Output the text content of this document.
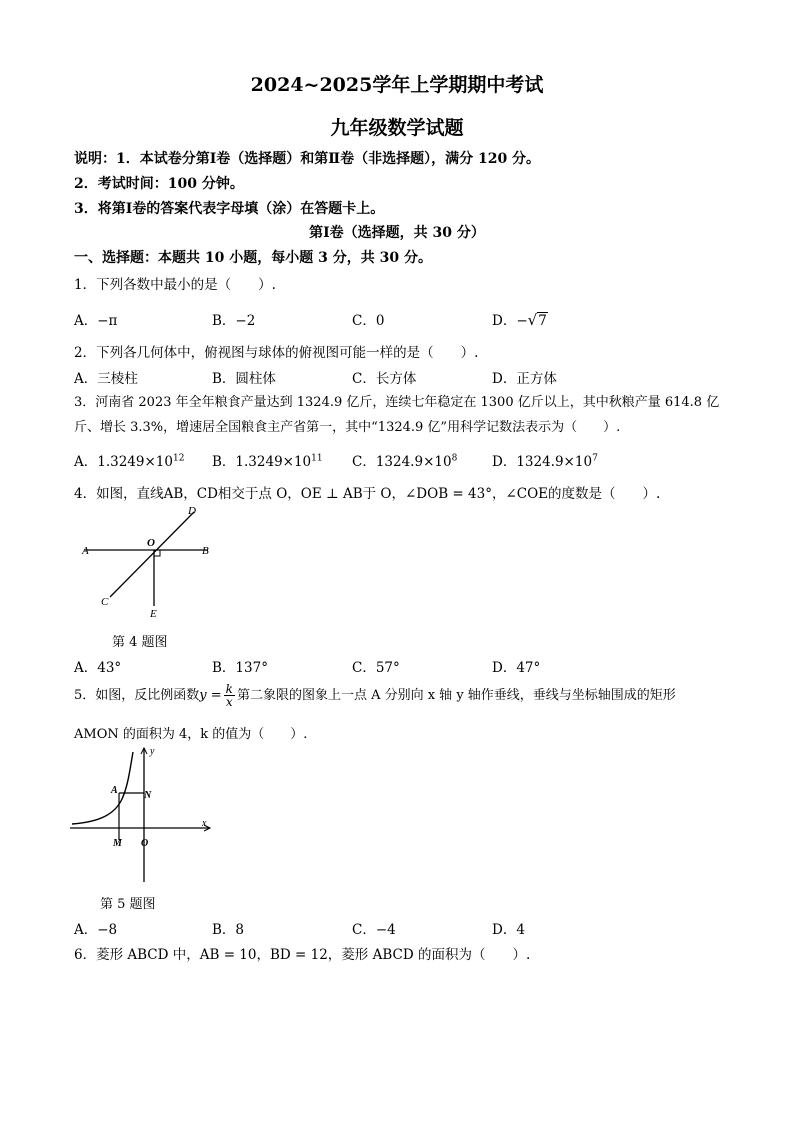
2024~2025学年上学期期中考试
九年级数学试题
说明：1．本试卷分第Ⅰ卷（选择题）和第Ⅱ卷（非选择题），满分 120 分。
2．考试时间：100 分钟。
3．将第Ⅰ卷的答案代表字母填（涂）在答题卡上。
第Ⅰ卷（选择题，共 30 分）
一、选择题：本题共 10 小题，每小题 3 分，共 30 分。
1．下列各数中最小的是（　　）.
A．−π	B．−2	C．0	D．−√7
2．下列各几何体中，俯视图与球体的俯视图可能一样的是（　　）.
A．三棱柱	B．圆柱体	C．长方体	D．正方体
3．河南省 2023 年全年粮食产量达到 1324.9 亿斤，连续七年稳定在 1300 亿斤以上，其中秋粮产量 614.8 亿
斤、增长 3.3%，增速居全国粮食主产省第一，其中“1324.9 亿”用科学记数法表示为（　　）.
A．$1.3249\times 10^{12}$ B．$1.3249\times 10^{11}$ C．$1324.9\times 10^8$	D．$1324.9\times 10^7$
4．如图，直线AB，CD相交于点 O，OE ⊥ AB于 O，∠DOB = 43°，∠COE的度数是（　　）.
A	B
C
D
O
E
第 4 题图
A．43°	B．137°	C．57°	D．47°
5．如图，反比例函数$y = \frac{k}{x}$ 第二象限的图象上一点 A 分别向 x 轴 y 轴作垂线，垂线与坐标轴围成的矩形
AMON 的面积为 4，k 的值为（　　）.
y
x
A	N
M O
第 5 题图
A．−8	B．8	C．−4	D．4
6．菱形 ABCD 中，AB = 10，BD = 12，菱形 ABCD 的面积为（　　）.
